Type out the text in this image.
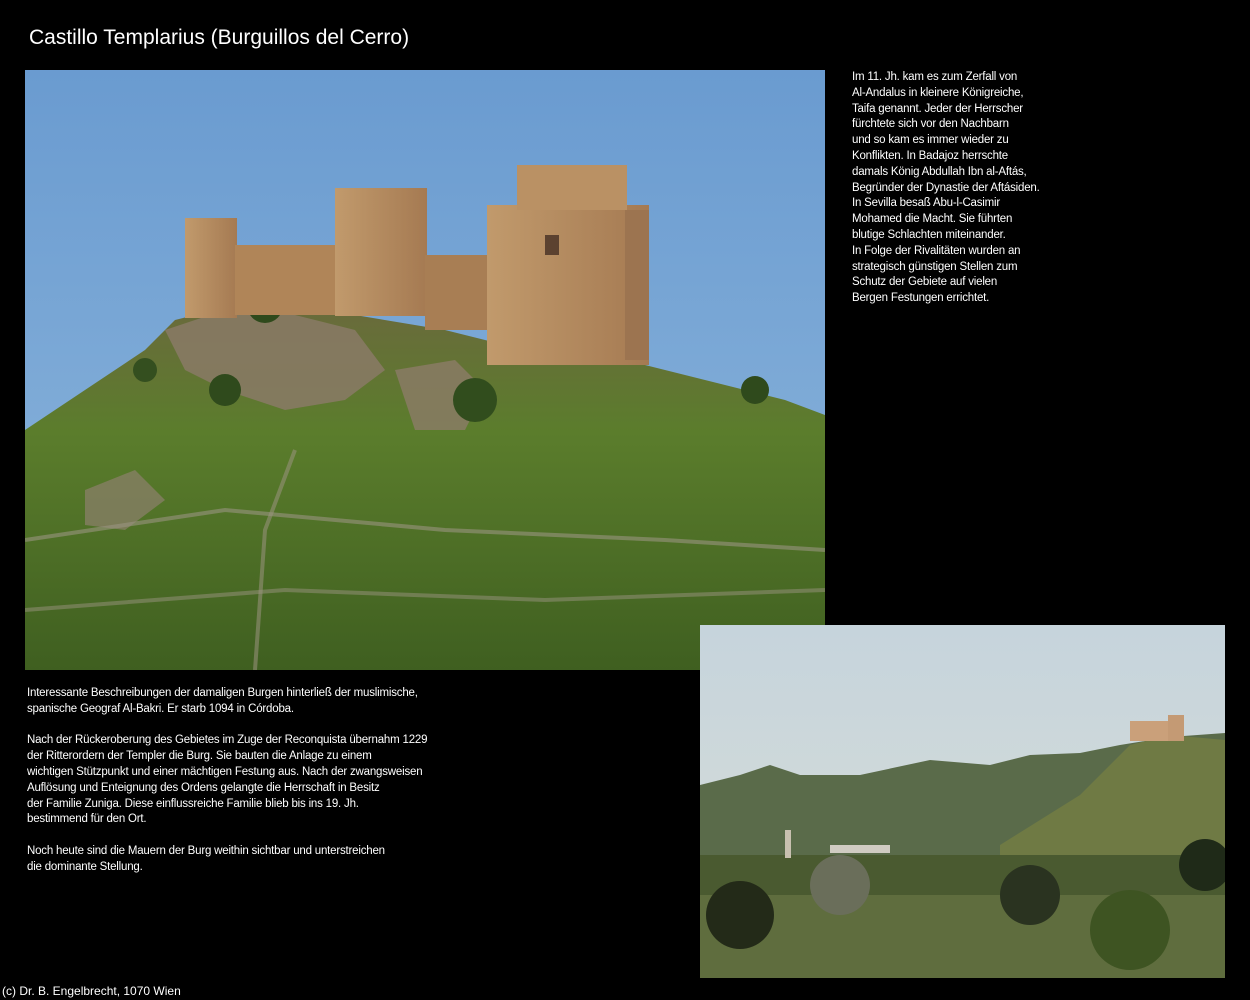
Castillo Templarius (Burguillos del Cerro)

Im 11. Jh. kam es zum Zerfall von

Al-Andalus in kleinere Königreiche,

Taifa genannt. Jeder der Herrscher

fürchtete sich vor den Nachbarn

und so kam es immer wieder zu

Konflikten. In Badajoz herrschte

damals König Abdullah Ibn al-Aftás,

Begründer der Dynastie der Aftásiden.

In Sevilla besaß Abu-l-Casimir

Mohamed die Macht. Sie führten

blutige Schlachten miteinander.

In Folge der Rivalitäten wurden an

strategisch günstigen Stellen zum

Schutz der Gebiete auf vielen

Bergen Festungen errichtet.

Interessante Beschreibungen der damaligen Burgen hinterließ der muslimische,
spanische Geograf Al-Bakri. Er starb 1094 in Córdoba.

Nach der Rückeroberung des Gebietes im Zuge der Reconquista übernahm 1229
der Ritterordern der Templer die Burg. Sie bauten die Anlage zu einem
wichtigen Stützpunkt und einer mächtigen Festung aus. Nach der zwangsweisen
Auflösung und Enteignung des Ordens gelangte die Herrschaft in Besitz
der Familie Zuniga. Diese einflussreiche Familie blieb bis ins 19. Jh.
bestimmend für den Ort.

Noch heute sind die Mauern der Burg weithin sichtbar und unterstreichen
die dominante Stellung.

(c) Dr. B. Engelbrecht, 1070 Wien
